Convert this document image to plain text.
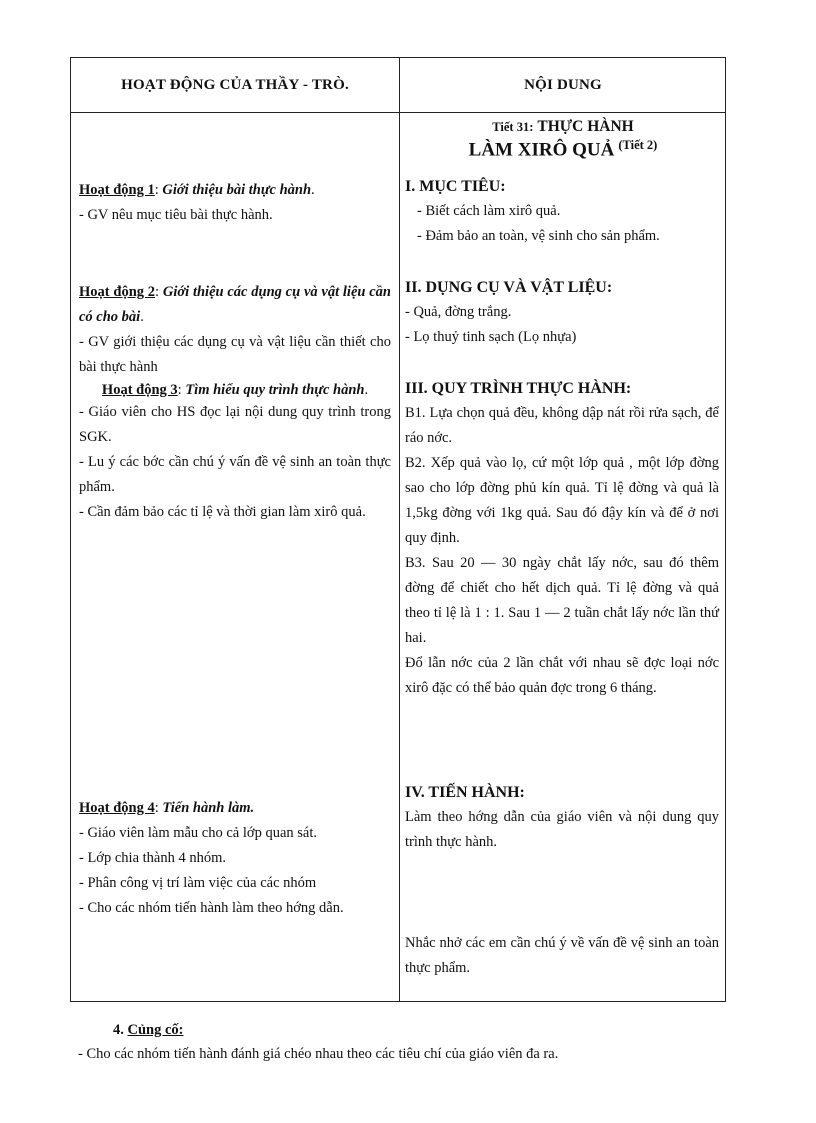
HOẠT ĐỘNG CỦA THẦY - TRÒ.	NỘI DUNG
Tiết 31: THỰC HÀNH
LÀM XIRÔ QUẢ $^{(Tiết 2)}$
Hoạt động 1: Giới thiệu bài thực hành.
- GV nêu mục tiêu bài thực hành.
Hoạt động 2: Giới thiệu các dụng cụ và vật liệu cần có cho bài.
- GV giới thiệu các dụng cụ và vật liệu cần thiết cho bài thực hành
Hoạt động 3: Tìm hiểu quy trình thực hành.
- Giáo viên cho HS đọc lại nội dung quy trình trong SGK.
- Lu ý các bớc cần chú ý vấn đề vệ sinh an toàn thực phẩm.
- Cần đảm bảo các tỉ lệ và thời gian làm xirô quả.
Hoạt động 4: Tiến hành làm.
- Giáo viên làm mẫu cho cả lớp quan sát.
- Lớp chia thành 4 nhóm.
- Phân công vị trí làm việc của các nhóm
- Cho các nhóm tiến hành làm theo hớng dẫn.
I. MỤC TIÊU:
- Biết cách làm xirô quả.
- Đảm bảo an toàn, vệ sinh cho sản phẩm.
II. DỤNG CỤ VÀ VẬT LIỆU:
- Quả, đờng trắng.
- Lọ thuỷ tinh sạch (Lọ nhựa)
III. QUY TRÌNH THỰC HÀNH:
B1. Lựa chọn quả đều, không dập nát rồi rửa sạch, để ráo nớc.
B2. Xếp quả vào lọ, cứ một lớp quả , một lớp đờng sao cho lớp đờng phủ kín quả. Tỉ lệ đờng và quả là 1,5kg đờng với 1kg quả. Sau đó đậy kín và để ở nơi quy định.
B3. Sau 20 — 30 ngày chắt lấy nớc, sau đó thêm đờng để chiết cho hết dịch quả. Tỉ lệ đờng và quả theo tỉ lệ là 1 : 1. Sau 1 — 2 tuần chắt lấy nớc lần thứ hai.
Đổ lẫn nớc của 2 lần chắt với nhau sẽ đợc loại nớc xirô đặc có thể bảo quản đợc trong 6 tháng.
IV. TIẾN HÀNH:
Làm theo hớng dẫn của giáo viên và nội dung quy trình thực hành.
Nhắc nhở các em cần chú ý về vấn đề vệ sinh an toàn thực phẩm.
4. Củng cố:
- Cho các nhóm tiến hành đánh giá chéo nhau theo các tiêu chí của giáo viên đa ra.
